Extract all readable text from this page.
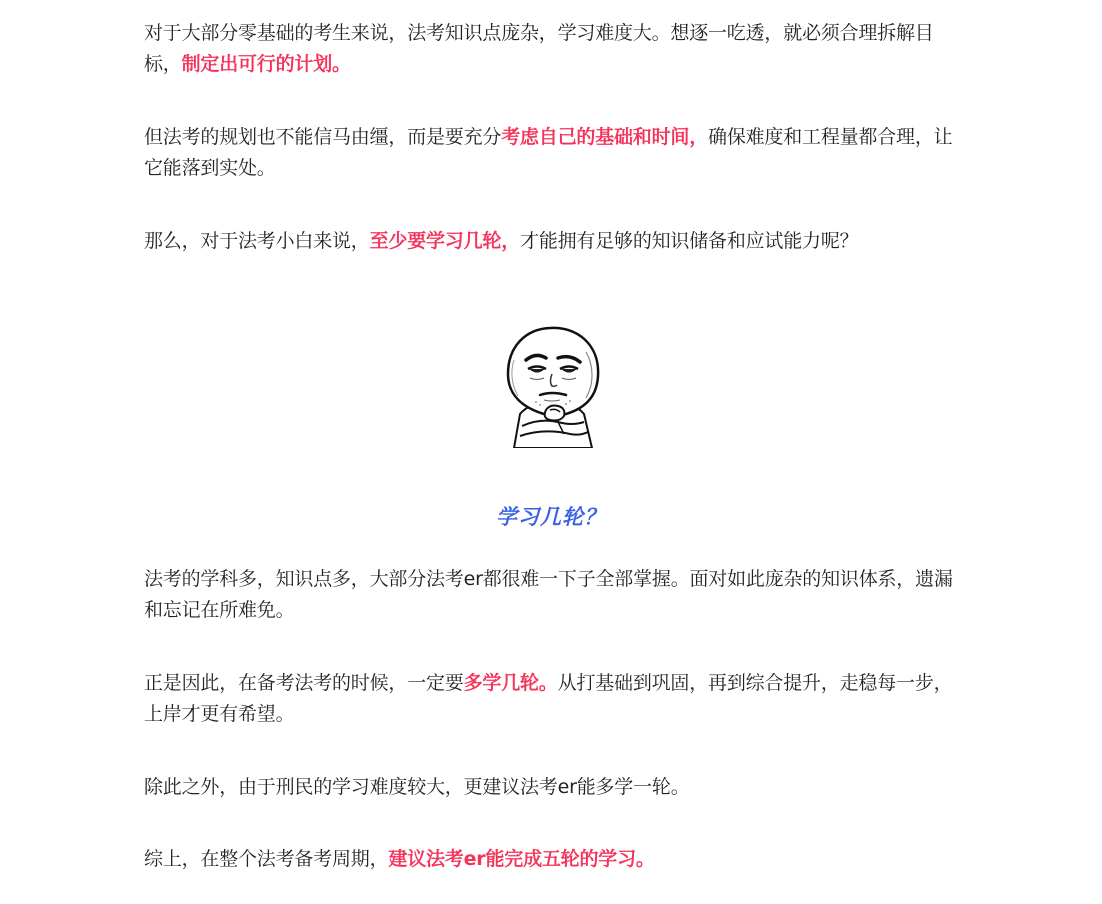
对于大部分零基础的考生来说，法考知识点庞杂，学习难度大。想逐一吃透，就必须合理拆解目标，制定出可行的计划。

但法考的规划也不能信马由缰，而是要充分考虑自己的基础和时间，确保难度和工程量都合理，让它能落到实处。

那么，对于法考小白来说，至少要学习几轮，才能拥有足够的知识储备和应试能力呢？

学习几轮？

法考的学科多，知识点多，大部分法考er都很难一下子全部掌握。面对如此庞杂的知识体系，遗漏和忘记在所难免。

正是因此，在备考法考的时候，一定要多学几轮。从打基础到巩固，再到综合提升，走稳每一步，上岸才更有希望。

除此之外，由于刑民的学习难度较大，更建议法考er能多学一轮。

综上，在整个法考备考周期，建议法考er能完成五轮的学习。
